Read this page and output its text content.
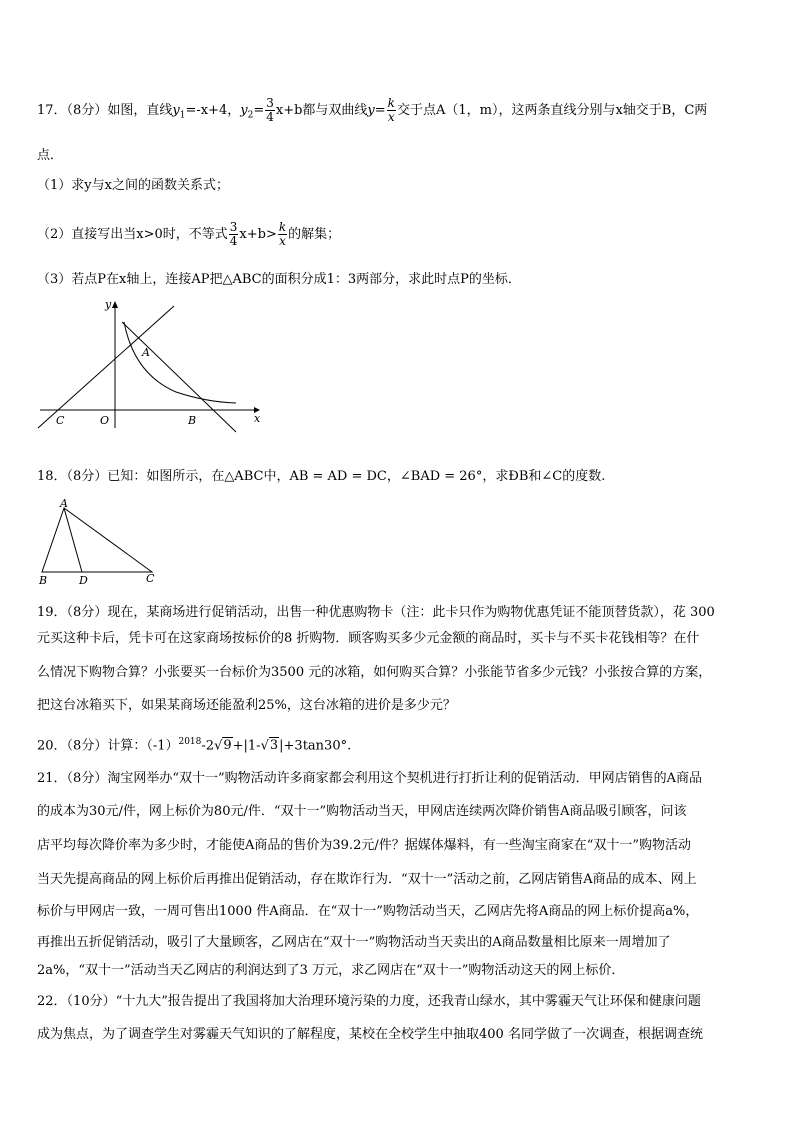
17．（8分）如图，直线$y_1=-x+4$，$y_2= \frac{3}{4} x+b$都与双曲线$y= \frac{k}{x}$ 交于点A（1，m），这两条直线分别与x轴交于B，C两
点．
（1）求y与x之间的函数关系式；
（2）直接写出当x>0时，不等式 $\frac{3}{4} x+b> \frac{k}{x}$ 的解集；
（3）若点P在x轴上，连接AP把△ABC的面积分成1：3两部分，求此时点P的坐标．
y
x
A
C	O	B
18．（8分）已知：如图所示，在△ABC中，AB = AD = DC，∠BAD = 26°，求ÐB和∠C的度数.
A
B	D	C
19．（8分）现在，某商场进行促销活动，出售一种优惠购物卡（注：此卡只作为购物优惠凭证不能顶替货款），花 300
元买这种卡后，凭卡可在这家商场按标价的8 折购物．顾客购买多少元金额的商品时，买卡与不买卡花钱相等？在什
么情况下购物合算？小张要买一台标价为3500 元的冰箱，如何购买合算？小张能节省多少元钱？小张按合算的方案，
把这台冰箱买下，如果某商场还能盈利25%，这台冰箱的进价是多少元？
20．（8分）计算：$(-1)^{2018}-2√9+|1-√3|+3\tan 30^\circ$.
21．（8分）淘宝网举办“双十一”购物活动许多商家都会利用这个契机进行打折让利的促销活动．甲网店销售的A商品
的成本为30元/件，网上标价为80元/件．“双十一”购物活动当天，甲网店连续两次降价销售A商品吸引顾客，问该
店平均每次降价率为多少时，才能使A商品的售价为39.2元/件？据媒体爆料，有一些淘宝商家在“双十一”购物活动
当天先提高商品的网上标价后再推出促销活动，存在欺诈行为．“双十一”活动之前，乙网店销售A商品的成本、网上
标价与甲网店一致，一周可售出1000 件A商品．在“双十一”购物活动当天，乙网店先将A商品的网上标价提高a%，
再推出五折促销活动，吸引了大量顾客，乙网店在“双十一”购物活动当天卖出的A商品数量相比原来一周增加了
2a%，“双十一”活动当天乙网店的利润达到了3 万元，求乙网店在“双十一”购物活动这天的网上标价．
22．（10分）“十九大”报告提出了我国将加大治理环境污染的力度，还我青山绿水，其中雾霾天气让环保和健康问题
成为焦点，为了调查学生对雾霾天气知识的了解程度，某校在全校学生中抽取400 名同学做了一次调查，根据调查统
